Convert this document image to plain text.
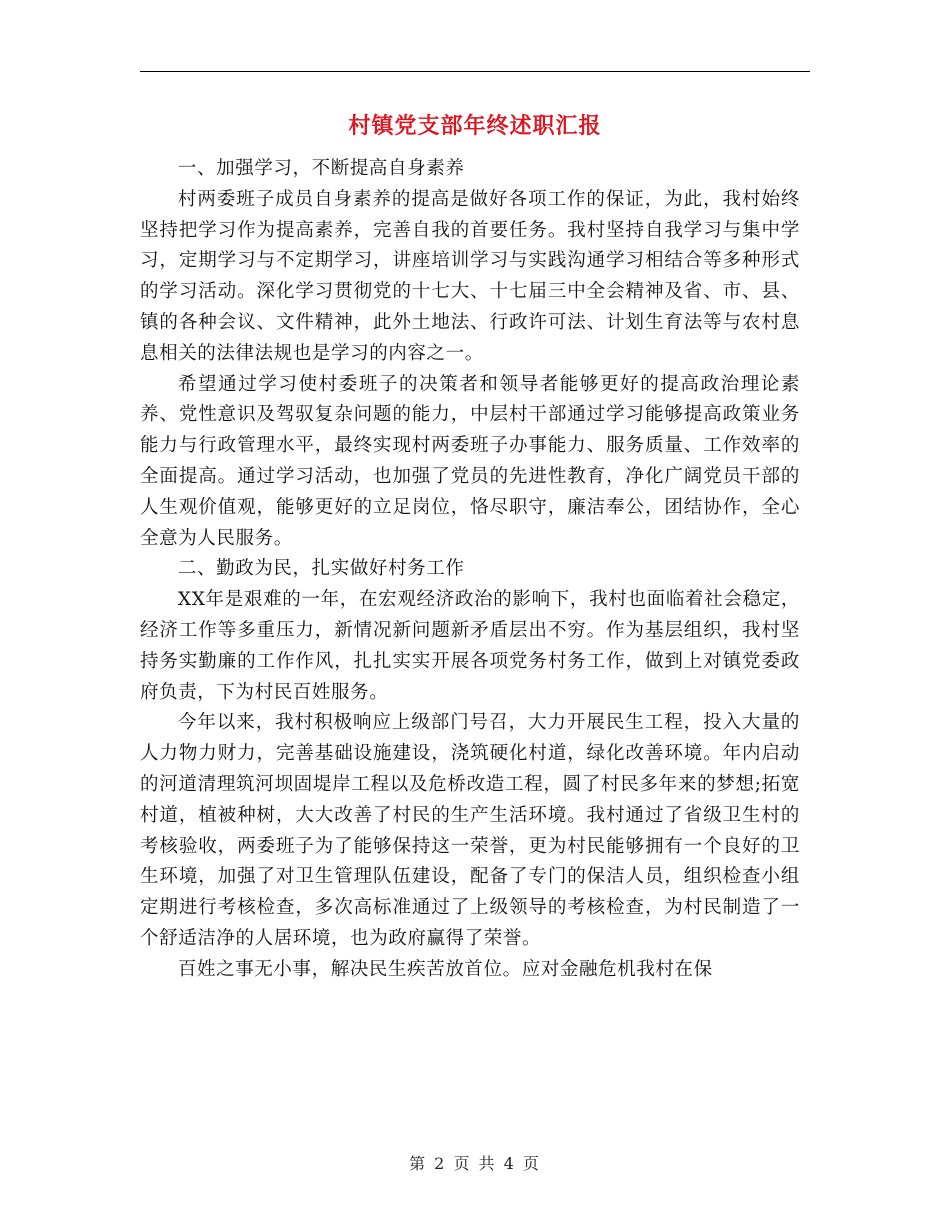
村镇党支部年终述职汇报

一、加强学习，不断提高自身素养

村两委班子成员自身素养的提高是做好各项工作的保证，为此，我村始终坚持把学习作为提高素养，完善自我的首要任务。我村坚持自我学习与集中学习，定期学习与不定期学习，讲座培训学习与实践沟通学习相结合等多种形式的学习活动。深化学习贯彻党的十七大、十七届三中全会精神及省、市、县、镇的各种会议、文件精神，此外土地法、行政许可法、计划生育法等与农村息息相关的法律法规也是学习的内容之一。

希望通过学习使村委班子的决策者和领导者能够更好的提高政治理论素养、党性意识及驾驭复杂问题的能力，中层村干部通过学习能够提高政策业务能力与行政管理水平，最终实现村两委班子办事能力、服务质量、工作效率的全面提高。通过学习活动，也加强了党员的先进性教育，净化广阔党员干部的人生观价值观，能够更好的立足岗位，恪尽职守，廉洁奉公，团结协作，全心全意为人民服务。

二、勤政为民，扎实做好村务工作

XX年是艰难的一年，在宏观经济政治的影响下，我村也面临着社会稳定，经济工作等多重压力，新情况新问题新矛盾层出不穷。作为基层组织，我村坚持务实勤廉的工作作风，扎扎实实开展各项党务村务工作，做到上对镇党委政府负责，下为村民百姓服务。

今年以来，我村积极响应上级部门号召，大力开展民生工程，投入大量的人力物力财力，完善基础设施建设，浇筑硬化村道，绿化改善环境。年内启动的河道清理筑河坝固堤岸工程以及危桥改造工程，圆了村民多年来的梦想;拓宽村道，植被种树，大大改善了村民的生产生活环境。我村通过了省级卫生村的考核验收，两委班子为了能够保持这一荣誉，更为村民能够拥有一个良好的卫生环境，加强了对卫生管理队伍建设，配备了专门的保洁人员，组织检查小组定期进行考核检查，多次高标准通过了上级领导的考核检查，为村民制造了一个舒适洁净的人居环境，也为政府赢得了荣誉。

百姓之事无小事，解决民生疾苦放首位。应对金融危机我村在保

第 2 页 共 4 页
